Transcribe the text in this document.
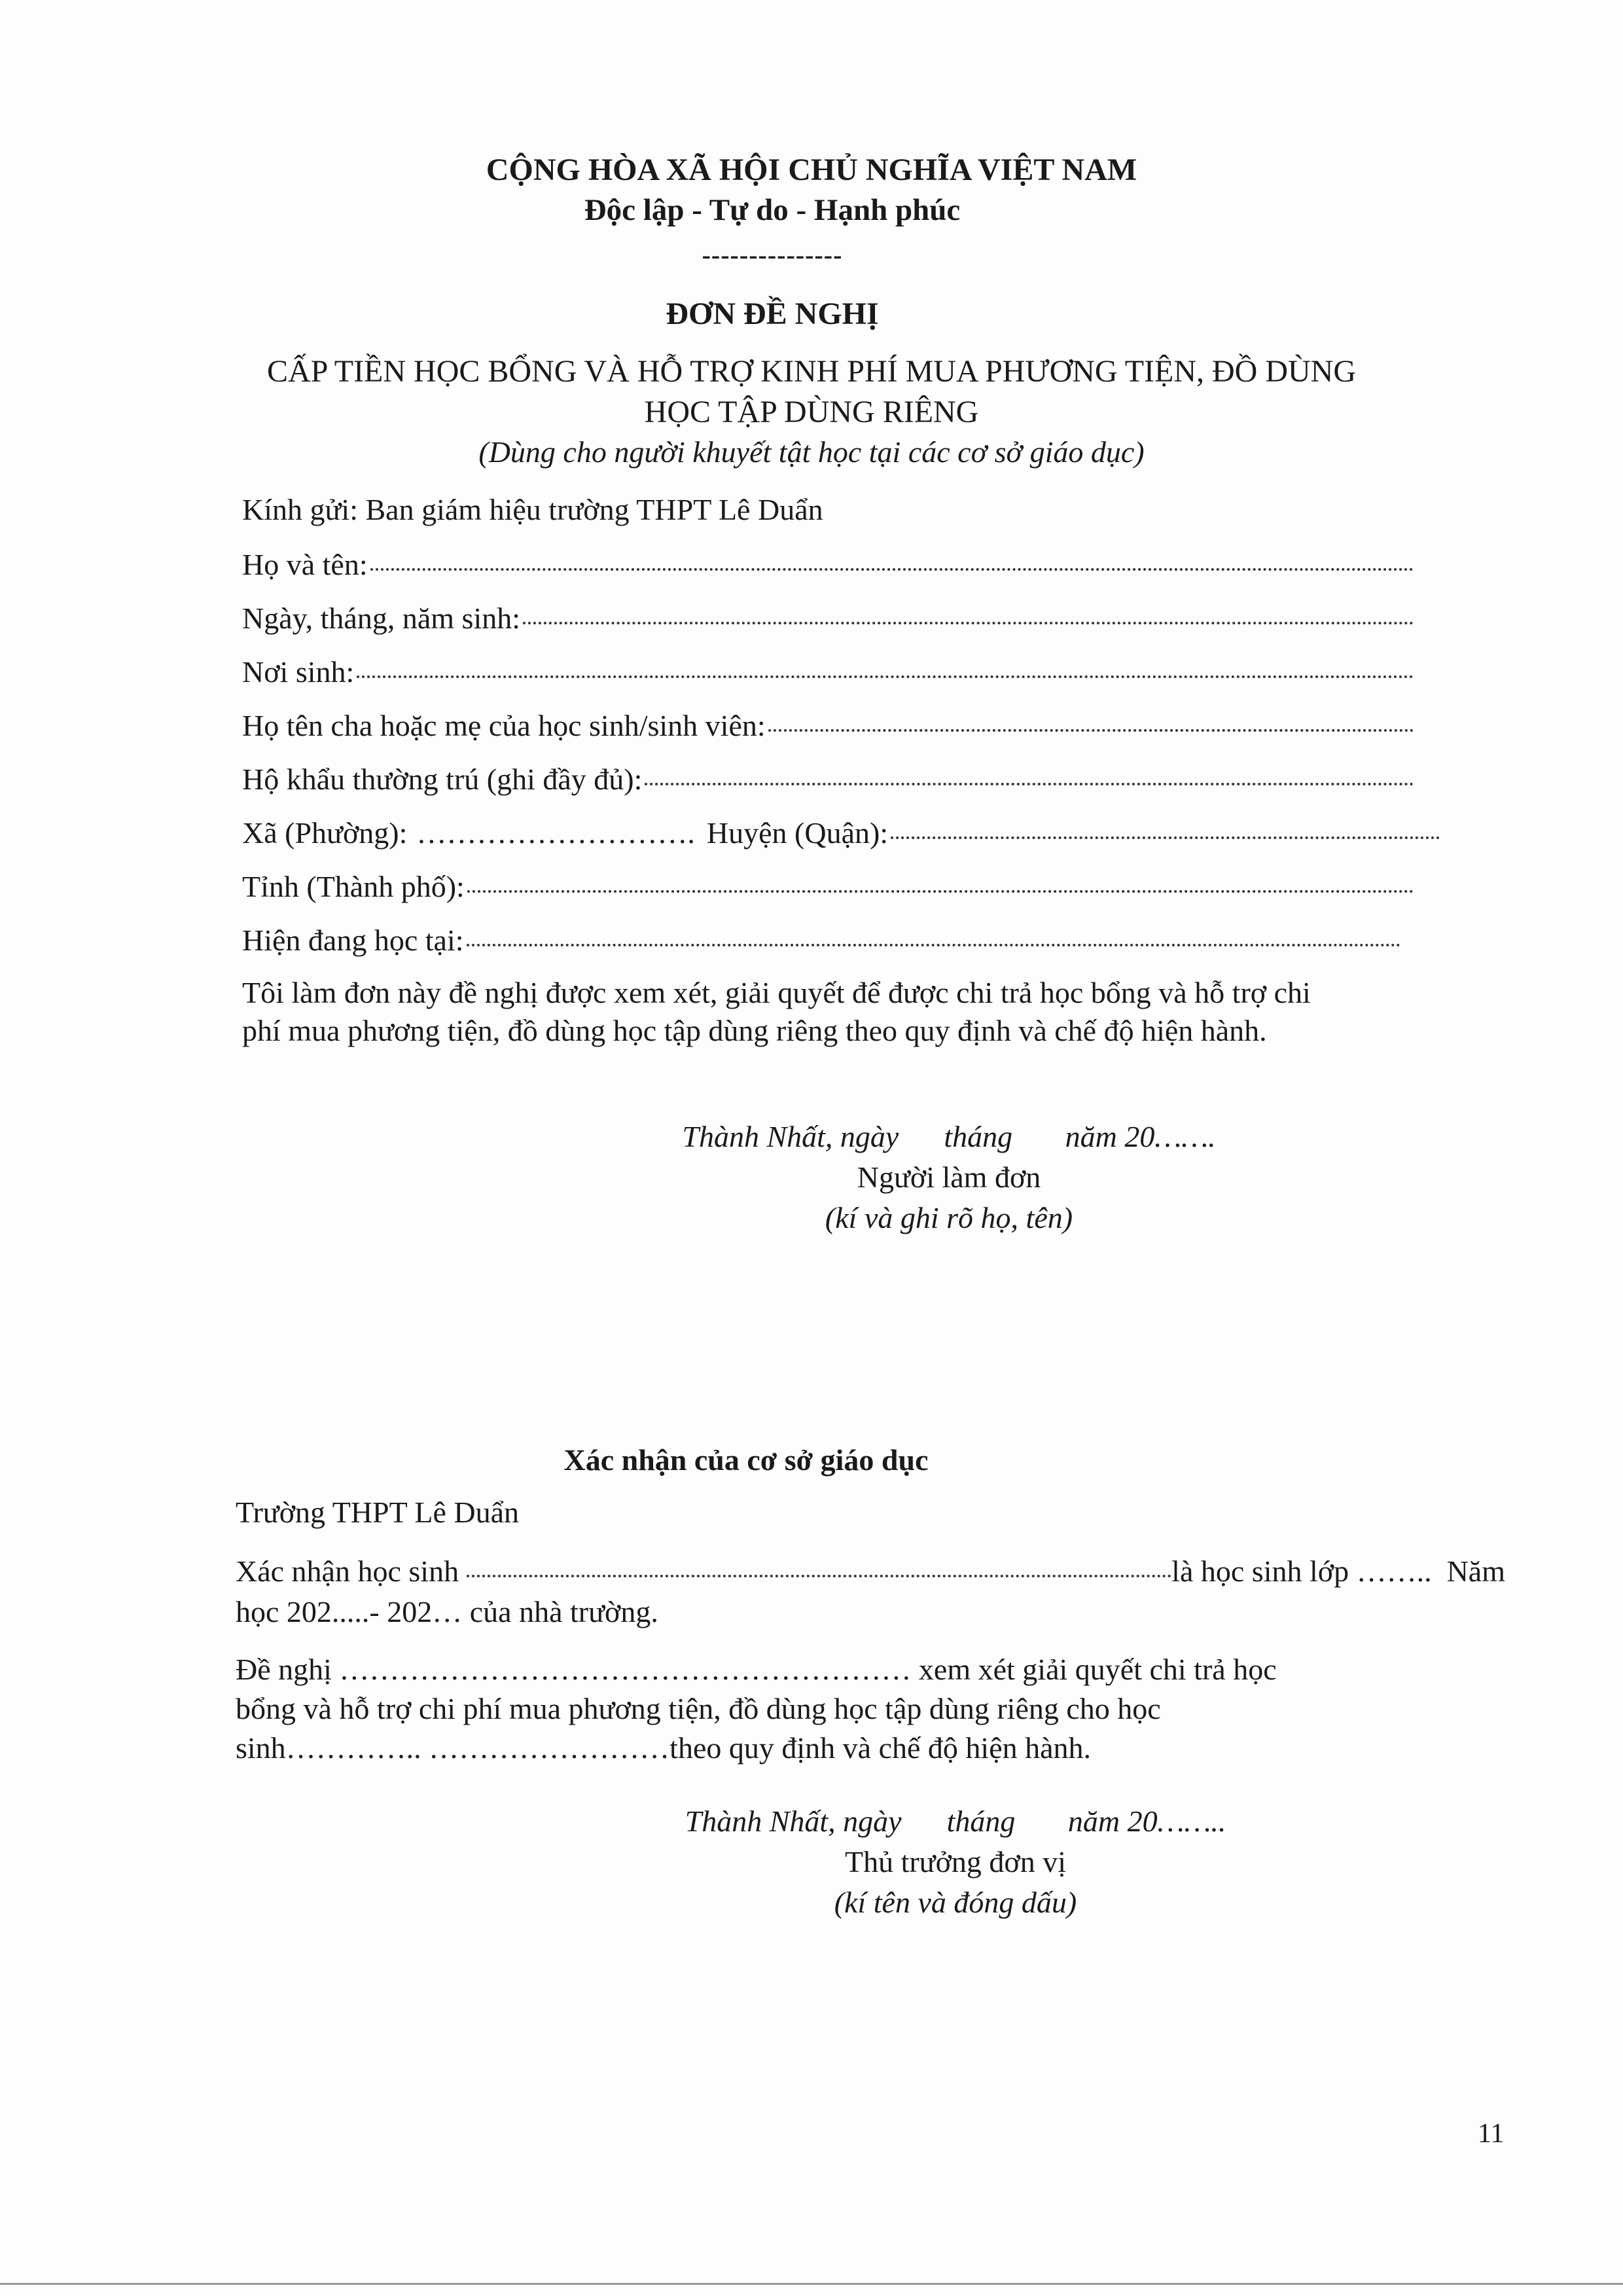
CỘNG HÒA XÃ HỘI CHỦ NGHĨA VIỆT NAM
Độc lập - Tự do - Hạnh phúc
---------------
ĐƠN ĐỀ NGHỊ
CẤP TIỀN HỌC BỔNG VÀ HỖ TRỢ KINH PHÍ MUA PHƯƠNG TIỆN, ĐỒ DÙNG
HỌC TẬP DÙNG RIÊNG
(Dùng cho người khuyết tật học tại các cơ sở giáo dục)
Kính gửi: Ban giám hiệu trường THPT Lê Duẩn
Họ và tên:
Ngày, tháng, năm sinh:
Nơi sinh:
Họ tên cha hoặc mẹ của học sinh/sinh viên:
Hộ khẩu thường trú (ghi đầy đủ):
Xã (Phường): ………………………. Huyện (Quận):
Tỉnh (Thành phố):
Hiện đang học tại:
Tôi làm đơn này đề nghị được xem xét, giải quyết để được chi trả học bổng và hỗ trợ chi
phí mua phương tiện, đồ dùng học tập dùng riêng theo quy định và chế độ hiện hành.
Thành Nhất, ngày      tháng       năm 20…….
Người làm đơn
(kí và ghi rõ họ, tên)
Xác nhận của cơ sở giáo dục
Trường THPT Lê Duẩn
Xác nhận học sinh	là học sinh lớp ……..  Năm
học 202.....- 202… của nhà trường.
Đề nghị ………………………………………………… xem xét giải quyết chi trả học
bổng và hỗ trợ chi phí mua phương tiện, đồ dùng học tập dùng riêng cho học
sinh………….. ……………………theo quy định và chế độ hiện hành.
Thành Nhất, ngày      tháng       năm 20……..
Thủ trưởng đơn vị
(kí tên và đóng dấu)
11
